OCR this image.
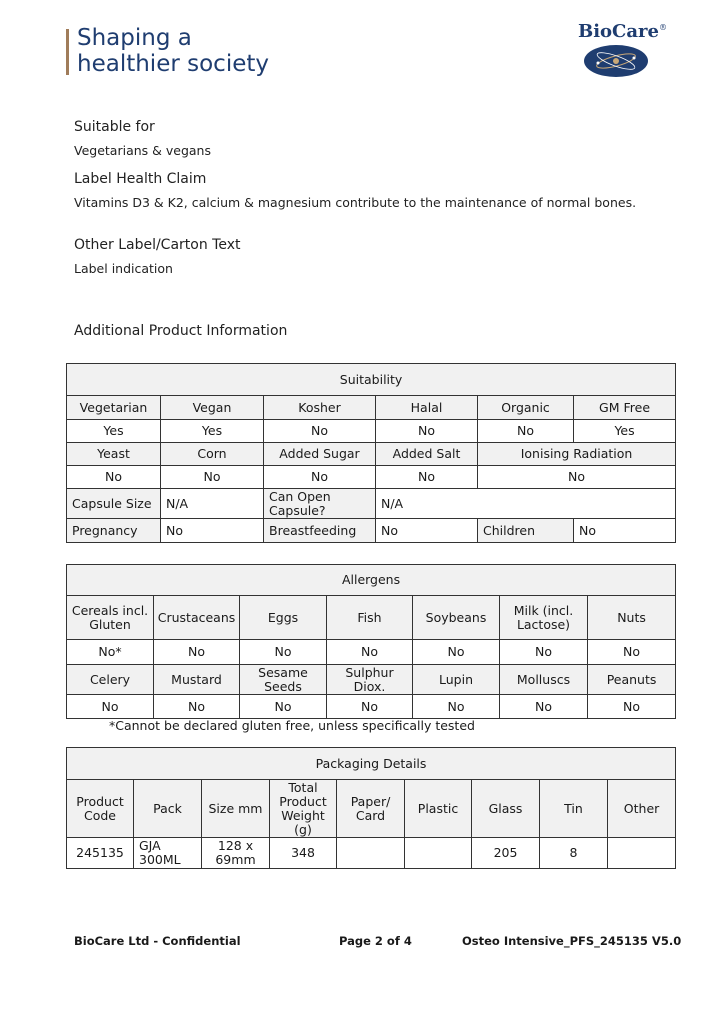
Shaping a
healthier society
BioCare®
Suitable for
Vegetarians & vegans
Label Health Claim
Vitamins D3 & K2, calcium & magnesium contribute to the maintenance of normal bones.
Other Label/Carton Text
Label indication
Additional Product Information
Suitability					
Vegetarian	Vegan	Kosher	Halal	Organic	GM Free
Yes	Yes	No	No	No	Yes
Yeast	Corn	Added Sugar	Added Salt	Ionising Radiation	
No	No	No	No	No	
Capsule Size	N/A	Can Open Capsule?	N/A		
Pregnancy	No	Breastfeeding	No	Children	No
Allergens						
Cereals incl. Gluten	Crustaceans	Eggs	Fish	Soybeans	Milk (incl. Lactose)	Nuts
No*	No	No	No	No	No	No
Celery	Mustard	Sesame Seeds	Sulphur Diox.	Lupin	Molluscs	Peanuts
No	No	No	No	No	No	No
*Cannot be declared gluten free, unless specifically tested
Packaging Details								
Product Code	Pack	Size mm	Total Product Weight (g)	Paper/ Card	Plastic	Glass	Tin	Other
245135	GJA 300ML	128 x 69mm	348			205	8	
BioCare Ltd - Confidential	Page 2 of 4	Osteo Intensive_PFS_245135 V5.0
